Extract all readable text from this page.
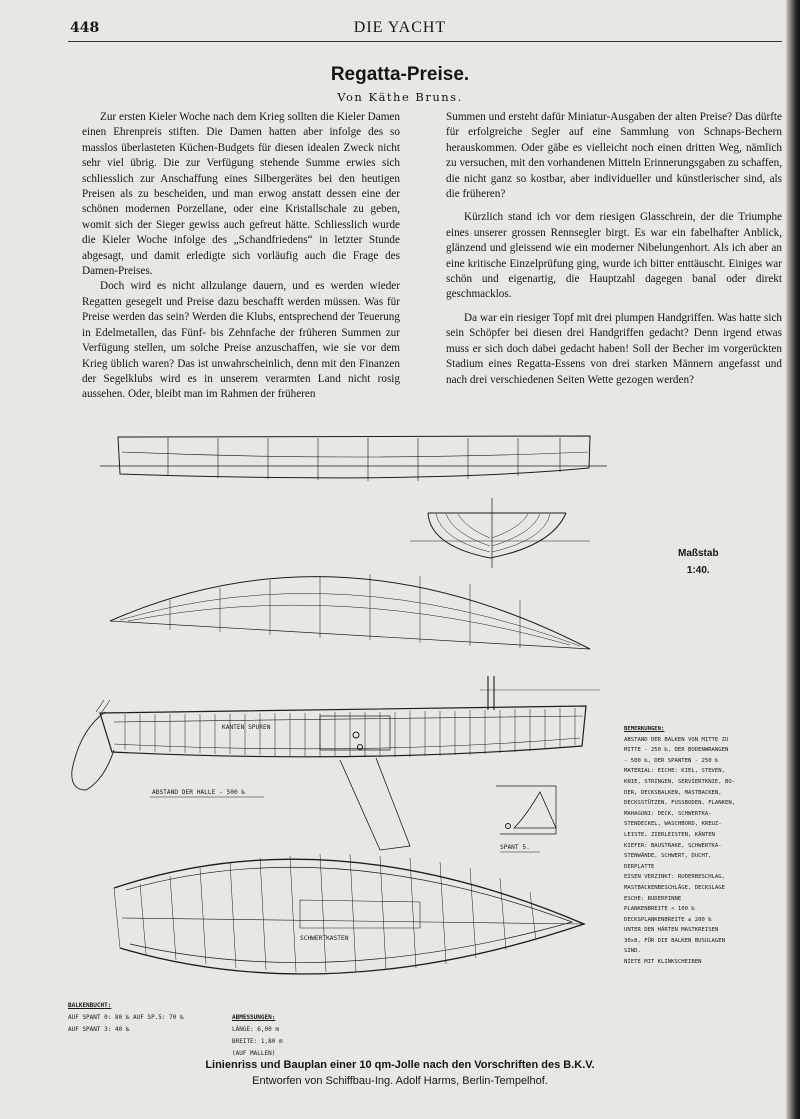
448	DIE YACHT
Regatta-Preise.
Von Käthe Bruns.

Zur ersten Kieler Woche nach dem Krieg sollten die Kieler Damen einen Ehrenpreis stiften. Die Damen hatten aber infolge des so masslos überlasteten Küchen-Budgets für diesen idealen Zweck nicht sehr viel übrig. Die zur Verfügung stehende Summe erwies sich schliesslich zur Anschaffung eines Silbergerätes bei den heutigen Preisen als zu bescheiden, und man erwog anstatt dessen eine der schönen modernen Porzellane, oder eine Kristallschale zu geben, womit sich der Sieger gewiss auch gefreut hätte. Schliesslich wurde die Kieler Woche infolge des „Schandfriedens“ in letzter Stunde abgesagt, und damit erledigte sich vorläufig auch die Frage des Damen-Preises.

Doch wird es nicht allzulange dauern, und es werden wieder Regatten gesegelt und Preise dazu beschafft werden müssen. Was für Preise werden das sein? Werden die Klubs, entsprechend der Teuerung in Edelmetallen, das Fünf- bis Zehnfache der früheren Summen zur Verfügung stellen, um solche Preise anzuschaffen, wie sie vor dem Krieg üblich waren? Das ist unwahrscheinlich, denn mit den Finanzen der Segelklubs wird es in unserem verarmten Land nicht rosig aussehen. Oder, bleibt man im Rahmen der früheren

Summen und ersteht dafür Miniatur-Ausgaben der alten Preise? Das dürfte für erfolgreiche Segler auf eine Sammlung von Schnaps-Bechern herauskommen. Oder gäbe es vielleicht noch einen dritten Weg, nämlich zu versuchen, mit den vorhandenen Mitteln Erinnerungsgaben zu schaffen, die nicht ganz so kostbar, aber individueller und künstlerischer sind, als die früheren?

Kürzlich stand ich vor dem riesigen Glasschrein, der die Triumphe eines unserer grossen Rennsegler birgt. Es war ein fabelhafter Anblick, glänzend und gleissend wie ein moderner Nibelungenhort. Als ich aber an eine kritische Einzelprüfung ging, wurde ich bitter enttäuscht. Einiges war schön und eigenartig, die Hauptzahl dagegen banal oder direkt geschmacklos.

Da war ein riesiger Topf mit drei plumpen Handgriffen. Was hatte sich sein Schöpfer bei diesen drei Handgriffen gedacht? Denn irgend etwas muss er sich doch dabei gedacht haben! Soll der Becher im vorgerückten Stadium eines Regatta-Essens von drei starken Männern angefasst und nach drei verschiedenen Seiten Wette gezogen werden?

KANTEN SPUREN
ABSTAND DER HALLE - 500 ‰
SPANT 5.
SCHWERTKASTEN
Maßstab
1:40.
BEMERKUNGEN:
ABSTAND DER BALKEN VON MITTE ZU
MITTE - 250 ‰, DER BODENWRANGEN
- 500 ‰, DER SPANTEN - 250 ‰
MATERIAL: EICHE: KIEL, STEVEN,
KNIE, STRINGEN, SERVIERTKNIE, BO-
DER, DECKSBALKEN, MASTBACKEN,
DECKSSTÜTZEN, FUSSBODEN, FLANKEN,
MAHAGONI: DECK, SCHWERTKA-
STENDECKEL, WASCHBORD, KREUZ-
LEISTE, ZIERLEISTEN, KÄNTEN
KIEFER: BAUSTRAKE, SCHWERTKA-
STENWÄNDE, SCHWERT, DUCHT,
DERPLATTE
EISEN VERZINKT: RUDERBESCHLAG,
MASTBACKENBESCHLÄGE, DECKSLAGE
ESCHE: RUDERPINNE
PLANKENBREITE < 100 ‰
DECKSPLANKENBREITE ≤ 200 ‰
UNTER DEN HÄRTEN MASTKREISEN
30x8, FÜR DIE BALKEN BUSULAGEN
SIND.
NIETE MIT KLINKSCHEIBEN
BALKENBUCHT:
AUF SPANT 0: 80 ‰ AUF SP.5: 70 ‰
AUF SPANT 3: 40 ‰
ABMESSUNGEN:
LÄNGE: 6,00 m
BREITE: 1,80 m
(AUF MALLEN)
Linienriss und Bauplan einer 10 qm-Jolle nach den Vorschriften des B.K.V.
Entworfen von Schiffbau-Ing. Adolf Harms, Berlin-Tempelhof.
